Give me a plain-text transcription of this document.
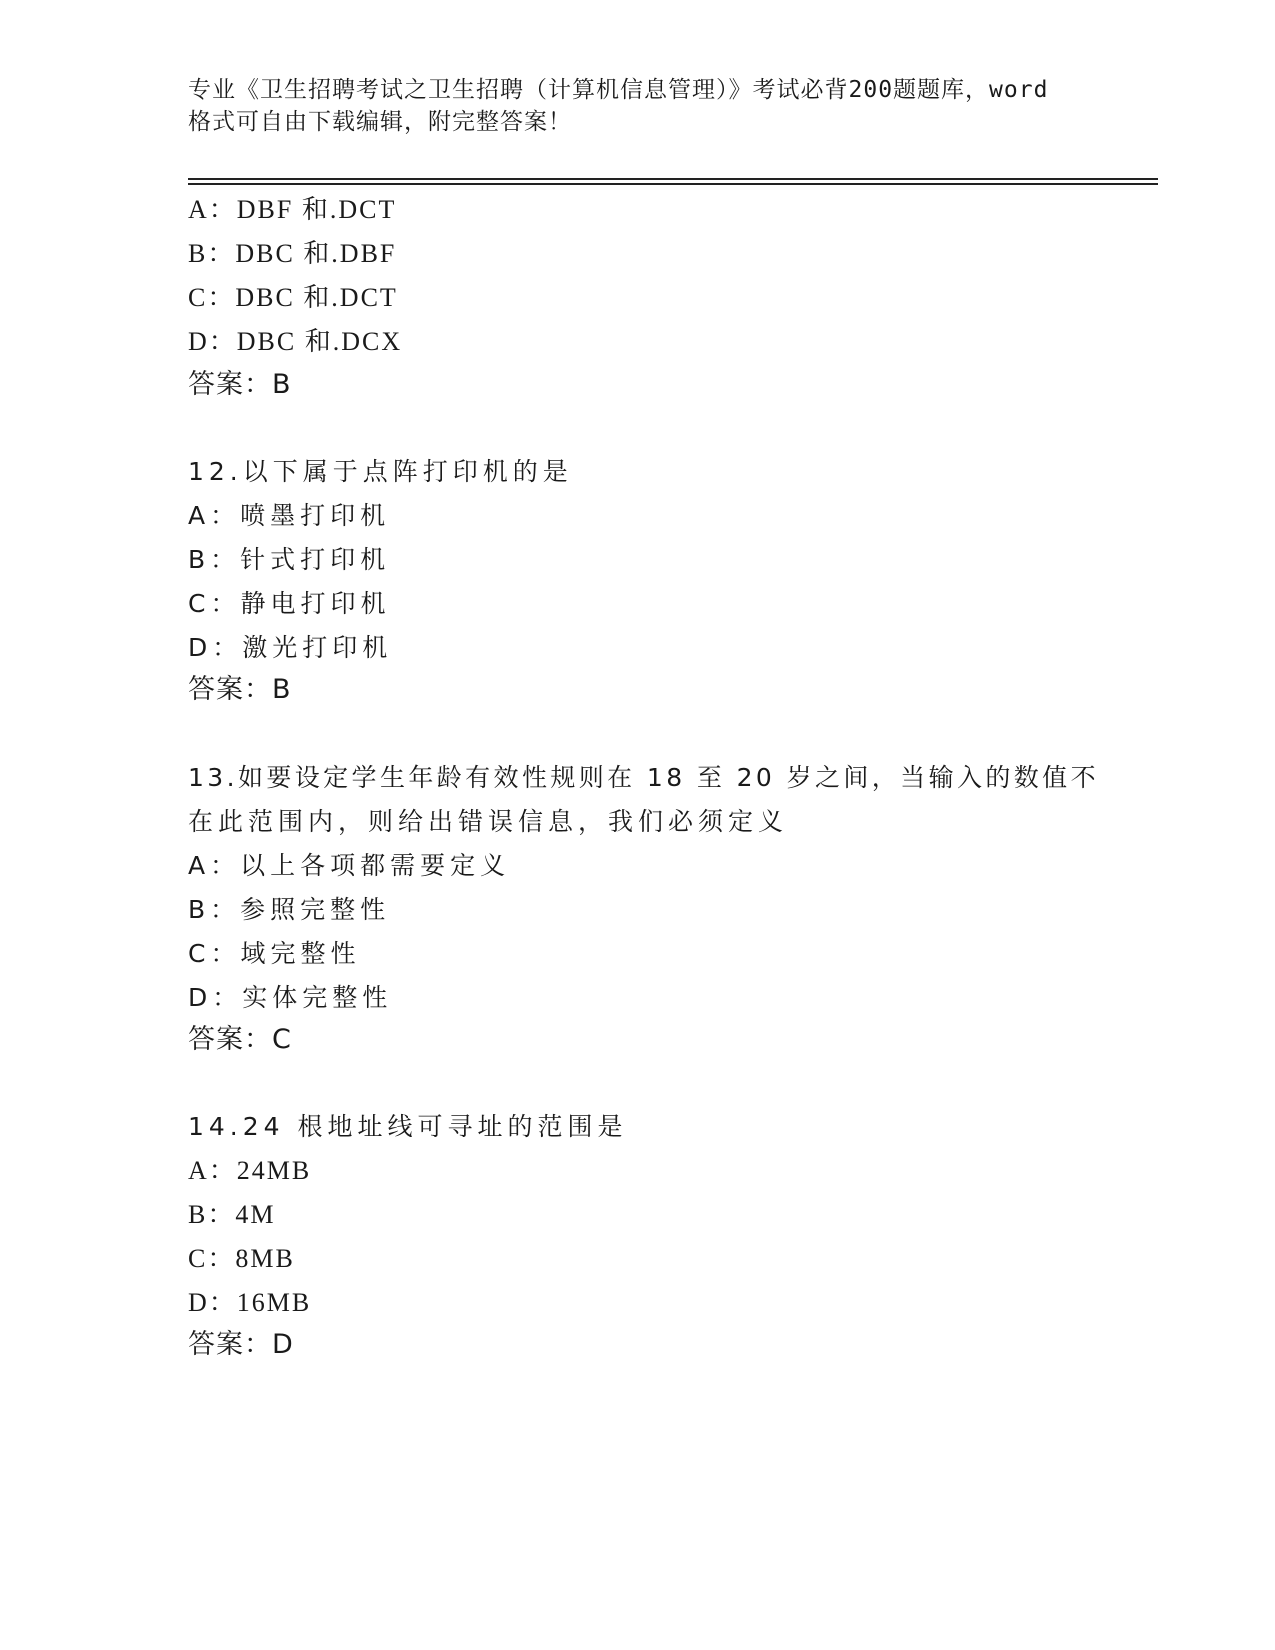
专业《卫生招聘考试之卫生招聘（计算机信息管理）》考试必背200题题库，word
格式可自由下载编辑，附完整答案！
A：DBF 和.DCT
B：DBC 和.DBF
C：DBC 和.DCT
D：DBC 和.DCX
答案：B
12.以下属于点阵打印机的是
A：喷墨打印机
B：针式打印机
C：静电打印机
D：激光打印机
答案：B
13.如要设定学生年龄有效性规则在 18 至 20 岁之间，当输入的数值不
在此范围内，则给出错误信息，我们必须定义
A：以上各项都需要定义
B：参照完整性
C：域完整性
D：实体完整性
答案：C
14.24 根地址线可寻址的范围是
A：24MB
B：4M
C：8MB
D：16MB
答案：D
